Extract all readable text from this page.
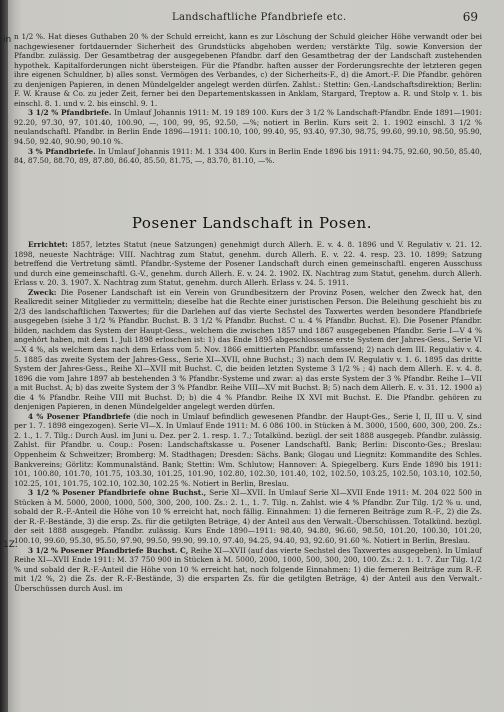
in
1Z.
Landschaftliche Pfandbriefe etc.	69

n 1/2 %. Hat dieses Guthaben 20 % der Schuld erreicht, kann es zur Löschung der Schuld gleicher Höhe verwandt oder bei nachgewiesener fortdauernder Sicherheit des Grundstücks abgehoben werden; verstärkte Tilg. sowie Konversion der Pfandbr. zulässig. Der Gesamtbetrag der ausgegebenen Pfandbr. darf den Gesamtbetrag der der Landschaft zustehenden hypothek. Kapitalforderungen nicht übersteigen. Für die Pfandbr. haften ausser der Forderungsrechte der letzteren gegen ihre eigenen Schuldner, b) alles sonst. Vermögen des Verbandes, c) der Sicherheits-F., d) die Amort.-F. Die Pfandbr. gehören zu denjenigen Papieren, in denen Mündelgelder angelegt werden dürfen. Zahlst.: Stettin: Gen.-Landschaftsdirektion; Berlin: F. W. Krause & Co. zu jeder Zeit, ferner bei den Departementskassen in Anklam, Stargard, Treptow a. R. und Stolp v. 1. bis einschl. 8. 1. und v. 2. bis einschl. 9. 1.

3 1/2 % Pfandbriefe. In Umlauf Johannis 1911: M. 19 189 100. Kurs der 3 1/2 % Landschaft-Pfandbr. Ende 1891—1901: 92.20, 97.30, 97, 101.40, 100.90, —, 100, 99, 95, 92.50, —%; notiert in Berlin. Kurs seit 2. 1. 1902 einschl. 3 1/2 % neulandschaftl. Pfandbr. in Berlin Ende 1896—1911: 100.10, 100, 99.40, 95, 93.40, 97.30, 98.75, 99.60, 99.10, 98.50, 95.90, 94.50, 92.40, 90.90, 90.10 %.

3 % Pfandbriefe. In Umlauf Johannis 1911: M. 1 334 400. Kurs in Berlin Ende 1896 bis 1911: 94.75, 92.60, 90.50, 85.40, 84, 87.50, 88.70, 89, 87.80, 86.40, 85.50, 81.75, —, 83.70, 81.10, —%.

Posener Landschaft in Posen.

Errichtet: 1857, letztes Statut (neue Satzungen) genehmigt durch Allerh. E. v. 4. 8. 1896 und V. Regulativ v. 21. 12. 1898, neueste Nachträge: VIII. Nachtrag zum Statut, genehm. durch Allerh. E. v. 22. 4. resp. 23. 10. 1899; Satzung betreffend die Vertretung sämtl. Pfandbr.-Systeme der Posener Landschaft durch einen gemeinschaftl. engeren Ausschuss und durch eine gemeinschaftl. G.-V., genehm. durch Allerh. E. v. 24. 2. 1902. IX. Nachtrag zum Statut, genehm. durch Allerh. Erlass v. 20. 3. 1907. X. Nachtrag zum Statut, genehm. durch Allerh. Erlass v. 24. 5. 1911.

Zweck: Die Posener Landschaft ist ein Verein von Grundbesitzern der Provinz Posen, welcher den Zweck hat, den Realkredit seiner Mitglieder zu vermitteln; dieselbe hat die Rechte einer juristischen Person. Die Beleihung geschieht bis zu 2/3 des landschaftlichen Taxwertes; für die Darlehen auf das vierte Sechstel des Taxwertes werden besondere Pfandbriefe ausgegeben (siehe 3 1/2 % Pfandbr. Buchst. B. 3 1/2 % Pfandbr. Buchst. C u. 4 % Pfandbr. Buchst. E). Die Posener Pfandbr. bilden, nachdem das System der Haupt-Gess., welchem die zwischen 1857 und 1867 ausgegebenen Pfandbr. Serie I—V 4 % angehört haben, mit dem 1. Juli 1898 erloschen ist: 1) das Ende 1895 abgeschlossene erste System der Jahres-Gess., Serie VI—X 4 %, als welchem das nach dem Erlass vom 5. Nov. 1866 emittierten Pfandbr. umfassend; 2) nach dem III. Regulativ v. 4. 5. 1885 das zweite System der Jahres-Gess., Serie XI—XVII, ohne Buchst.; 3) nach dem IV. Regulativ v. 1. 6. 1895 das dritte System der Jahres-Gess., Reihe XI—XVII mit Buchst. C, die beiden letzten Systeme 3 1/2 % ; 4) nach dem Allerh. E. v. 4. 8. 1896 die vom Jahre 1897 ab bestehenden 3 % Pfandbr.-Systeme und zwar: a) das erste System der 3 % Pfandbr. Reihe I—VII a mit Buchst. A; b) das zweite System der 3 % Pfandbr. Reihe VIII—XV mit Buchst. B; 5) nach dem Allerh. E. v. 31. 12. 1900 a) die 4 % Pfandbr. Reihe VIII mit Buchst. D; b) die 4 % Pfandbr. Reihe IX XVI mit Buchst. E. Die Pfandbr. gehören zu denjenigen Papieren, in denen Mündelgelder angelegt werden dürfen.

4 % Posener Pfandbriefe (die noch in Umlauf befindlich gewesenen Pfandbr. der Haupt-Ges., Serie I, II, III u. V, sind per 1. 7. 1898 eingezogen). Serie VI—X. In Umlauf Ende 1911: M. 6 086 100. in Stücken à M. 3000, 1500, 600, 300, 200. Zs.: 2. 1., 1. 7. Tilg.: Durch Ausl. im Juni u. Dez. per 2. 1. resp. 1. 7.; Totalkünd. bezügl. der seit 1888 ausgegeb. Pfandbr. zulässig. Zahlst. für Pfandbr. u. Coup.: Posen: Landschaftskasse u. Posener Landschaftl. Bank; Berlin: Disconto-Ges.; Breslau: Oppenheim & Schweitzer; Bromberg: M. Stadthagen; Dresden: Sächs. Bank; Glogau und Liegnitz: Kommandite des Schles. Bankvereins; Görlitz: Kommunalständ. Bank; Stettin: Wm. Schlutow; Hannover: A. Spiegelberg. Kurs Ende 1890 bis 1911: 101, 100.80, 101.70, 101.75, 103.30, 101.25, 101.90, 102.80, 102.30, 101.40, 102, 102.50, 103.25, 102.50, 103.10, 102.50, 102.25, 101, 101.75, 102.10, 102.30, 102.25 %. Notiert in Berlin, Breslau.

3 1/2 % Posener Pfandbriefe ohne Buchst., Serie XI—XVII. In Umlauf Serie XI—XVII Ende 1911: M. 204 022 500 in Stücken à M. 5000, 2000, 1000, 500, 300, 200, 100. Zs.: 2. 1., 1. 7. Tilg. n. Zahlst. wie 4 % Pfandbr. Zur Tilg. 1/2 % u. und, sobald der R.-F.-Anteil die Höhe von 10 % erreicht hat, noch fällig. Einnahmen: 1) die ferneren Beiträge zum R.-F., 2) die Zs. der R.-F.-Bestände, 3) die ersp. Zs. für die getilgten Beträge, 4) der Anteil aus den Verwalt.-Überschüssen. Totalkünd. bezügl. der seit 1888 ausgegeb. Pfandbr. zulässig. Kurs Ende 1890—1911: 98.40, 94.80, 96.60, 98.50, 101.20, 100.30, 101.20, 100.10, 99.60, 95.30, 95.50, 97.90, 99.50, 99.90, 99.10, 97.40, 94.25, 94.40, 93, 92.60, 91.60 %. Notiert in Berlin, Breslau.

3 1/2 % Posener Pfandbriefe Buchst. C, Reihe XI—XVII (auf das vierte Sechstel des Taxwertes ausgegeben). In Umlauf Reihe XI—XVII Ende 1911: M. 37 750 900 in Stücken à M. 5000, 2000, 1000, 500, 300, 200, 100. Zs.: 2. 1. 1. 7. Zur Tilg. 1/2 % und sobald der R.-F.-Anteil die Höhe von 10 % erreicht hat, noch folgende Einnahmen: 1) die ferneren Beiträge zum R.-F. mit 1/2 %, 2) die Zs. der R.-F.-Bestände, 3) die ersparten Zs. für die getilgten Beträge, 4) der Anteil aus den Verwalt.-Überschüssen durch Ausl. im
